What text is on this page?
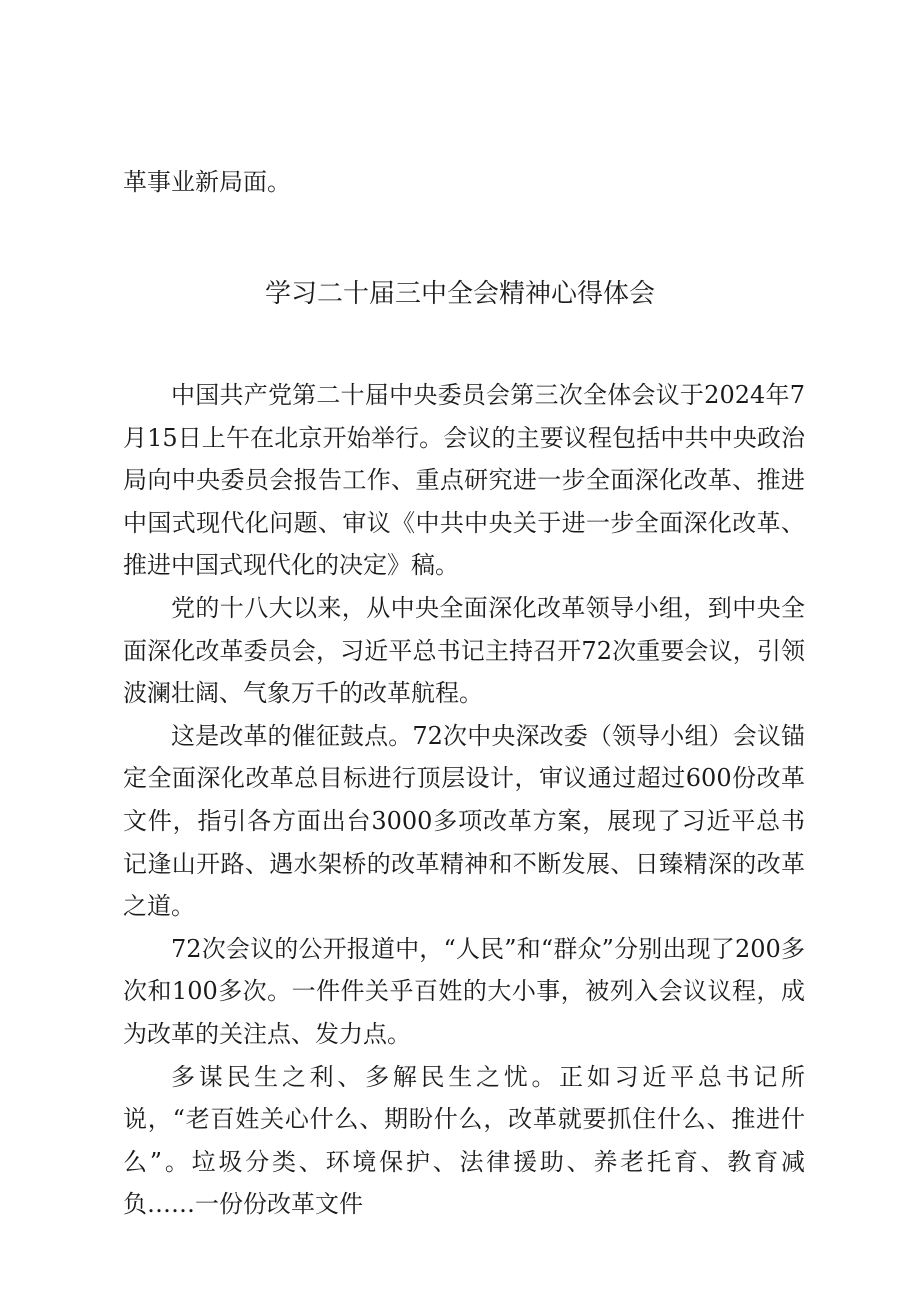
革事业新局面。

学习二十届三中全会精神心得体会

中国共产党第二十届中央委员会第三次全体会议于2024年7月15日上午在北京开始举行。会议的主要议程包括中共中央政治局向中央委员会报告工作、重点研究进一步全面深化改革、推进中国式现代化问题、审议《中共中央关于进一步全面深化改革、推进中国式现代化的决定》稿。

党的十八大以来，从中央全面深化改革领导小组，到中央全面深化改革委员会，习近平总书记主持召开72次重要会议，引领波澜壮阔、气象万千的改革航程。

这是改革的催征鼓点。72次中央深改委（领导小组）会议锚定全面深化改革总目标进行顶层设计，审议通过超过600份改革文件，指引各方面出台3000多项改革方案，展现了习近平总书记逢山开路、遇水架桥的改革精神和不断发展、日臻精深的改革之道。

72次会议的公开报道中，“人民”和“群众”分别出现了200多次和100多次。一件件关乎百姓的大小事，被列入会议议程，成为改革的关注点、发力点。

多谋民生之利、多解民生之忧。正如习近平总书记所说，“老百姓关心什么、期盼什么，改革就要抓住什么、推进什么”。垃圾分类、环境保护、法律援助、养老托育、教育减负……一份份改革文件
